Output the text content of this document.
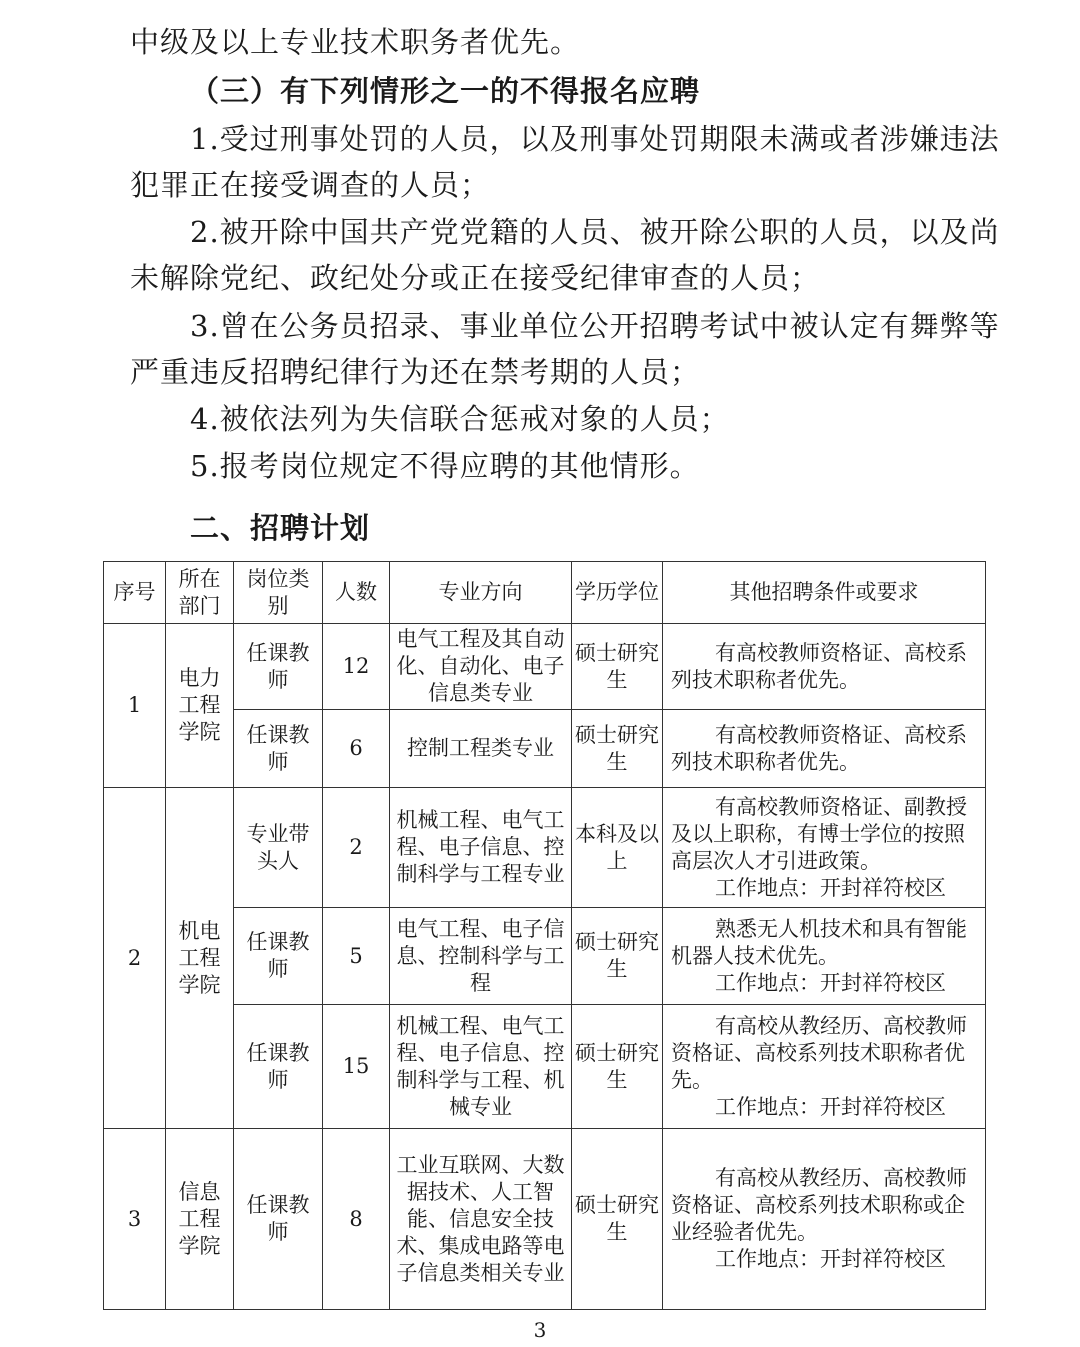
中级及以上专业技术职务者优先。
（三）有下列情形之一的不得报名应聘
1.受过刑事处罚的人员，以及刑事处罚期限未满或者涉嫌违法
犯罪正在接受调查的人员；
2.被开除中国共产党党籍的人员、被开除公职的人员，以及尚
未解除党纪、政纪处分或正在接受纪律审查的人员；
3.曾在公务员招录、事业单位公开招聘考试中被认定有舞弊等
严重违反招聘纪律行为还在禁考期的人员；
4.被依法列为失信联合惩戒对象的人员；
5.报考岗位规定不得应聘的其他情形。
二、招聘计划
序号	所在部门	岗位类别	人数	专业方向	学历学位	其他招聘条件或要求
1	电力工程学院	任课教师	12	电气工程及其自动化、自动化、电子信息类专业	硕士研究生	有高校教师资格证、高校系列技术职称者优先。

		任课教师	6	控制工程类专业	硕士研究生	有高校教师资格证、高校系列技术职称者优先。

2	机电工程学院	专业带头人	2	机械工程、电气工程、电子信息、控制科学与工程专业	本科及以上	有高校教师资格证、副教授及以上职称，有博士学位的按照高层次人才引进政策。
工作地点：开封祥符校区

		任课教师	5	电气工程、电子信息、控制科学与工程	硕士研究生	熟悉无人机技术和具有智能机器人技术优先。
工作地点：开封祥符校区

		任课教师	15	机械工程、电气工程、电子信息、控制科学与工程、机械专业	硕士研究生	有高校从教经历、高校教师资格证、高校系列技术职称者优先。
工作地点：开封祥符校区

3	信息工程学院	任课教师	8	工业互联网、大数据技术、人工智能、信息安全技术、集成电路等电子信息类相关专业	硕士研究生	有高校从教经历、高校教师资格证、高校系列技术职称或企业经验者优先。
工作地点：开封祥符校区
3
